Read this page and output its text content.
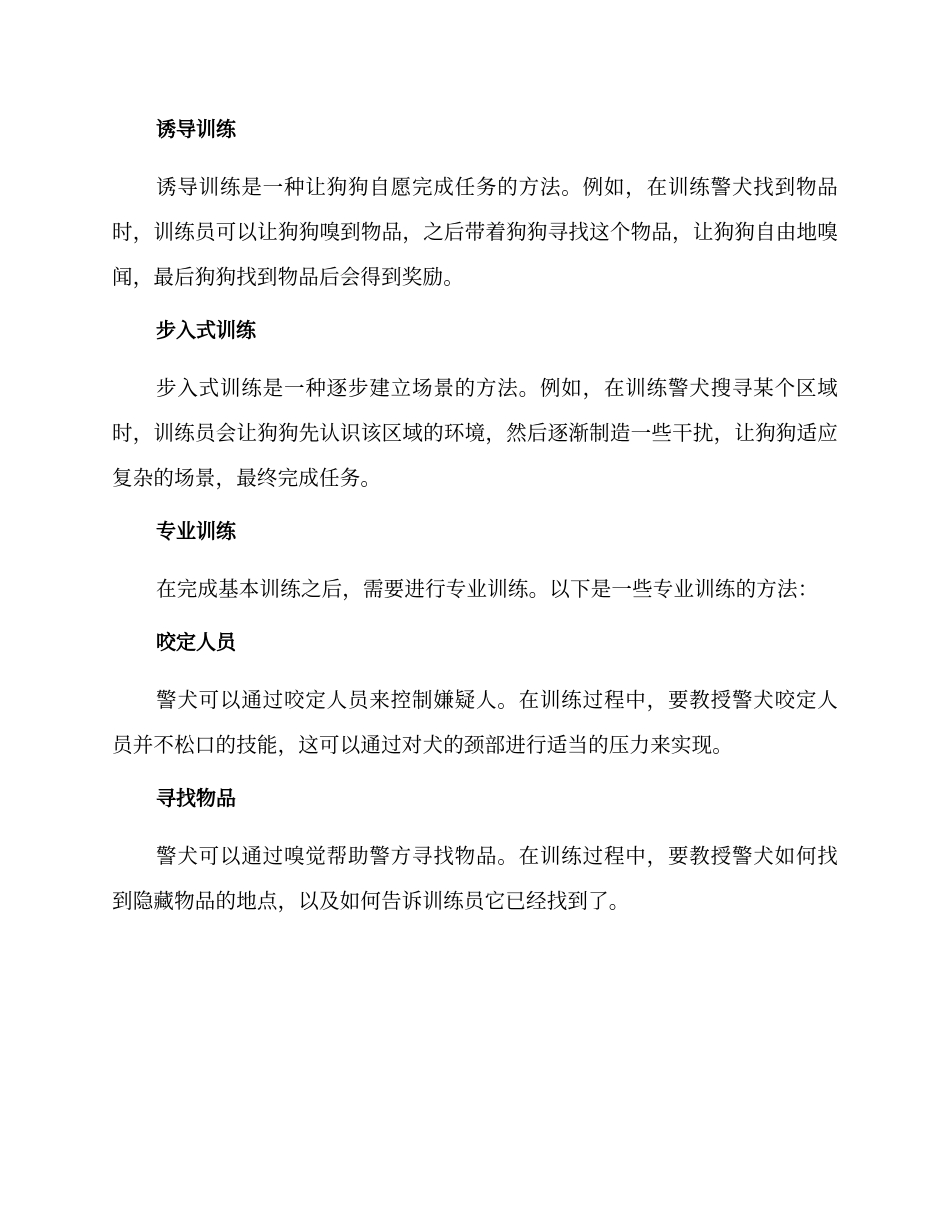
诱导训练

诱导训练是一种让狗狗自愿完成任务的方法。例如，在训练警犬找到物品时，训练员可以让狗狗嗅到物品，之后带着狗狗寻找这个物品，让狗狗自由地嗅闻，最后狗狗找到物品后会得到奖励。

步入式训练

步入式训练是一种逐步建立场景的方法。例如，在训练警犬搜寻某个区域时，训练员会让狗狗先认识该区域的环境，然后逐渐制造一些干扰，让狗狗适应复杂的场景，最终完成任务。

专业训练

在完成基本训练之后，需要进行专业训练。以下是一些专业训练的方法：

咬定人员

警犬可以通过咬定人员来控制嫌疑人。在训练过程中，要教授警犬咬定人员并不松口的技能，这可以通过对犬的颈部进行适当的压力来实现。

寻找物品

警犬可以通过嗅觉帮助警方寻找物品。在训练过程中，要教授警犬如何找到隐藏物品的地点，以及如何告诉训练员它已经找到了。
